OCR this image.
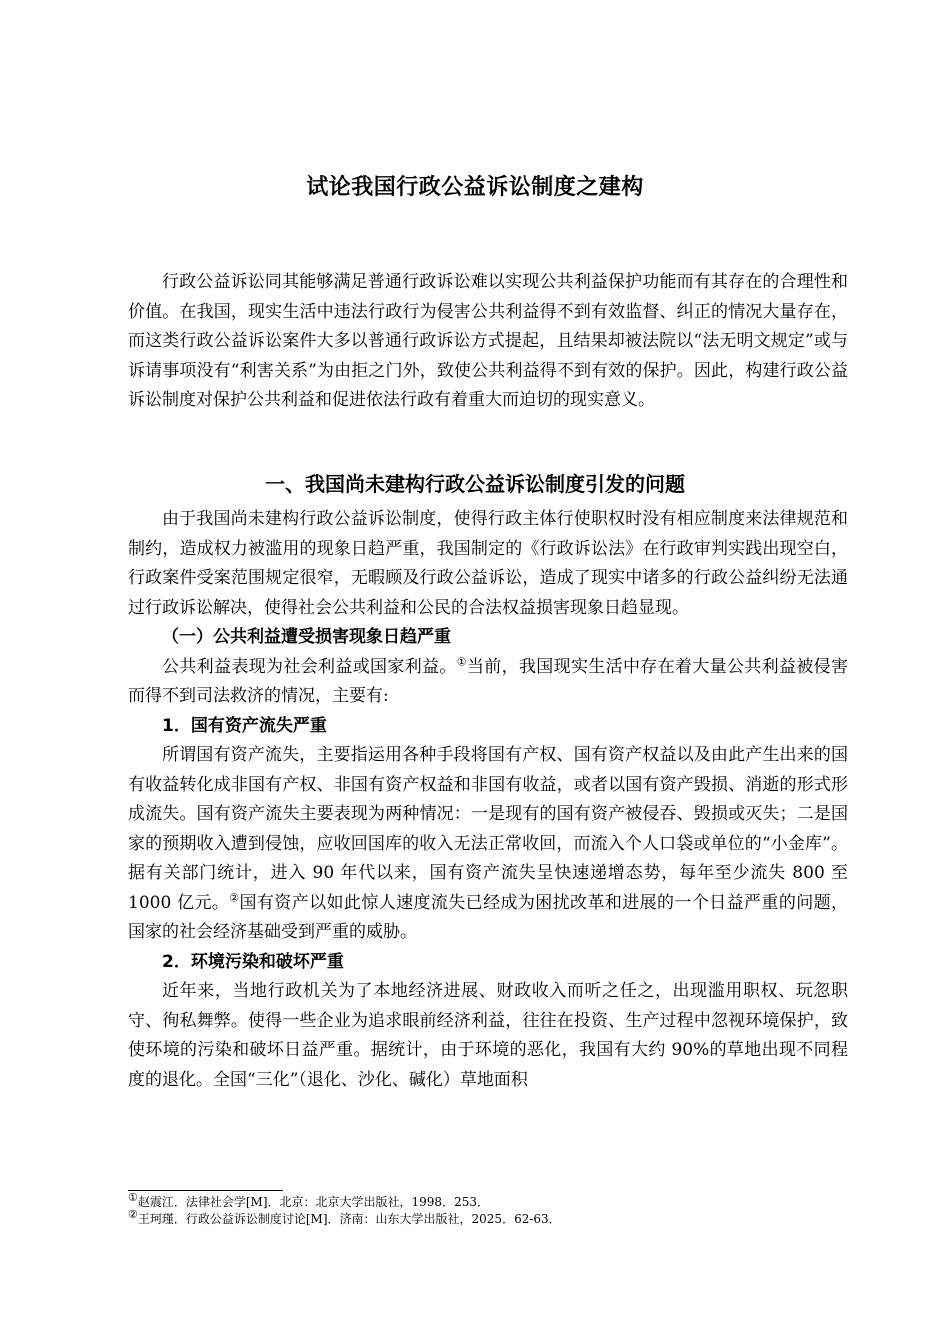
试论我国行政公益诉讼制度之建构

行政公益诉讼同其能够满足普通行政诉讼难以实现公共利益保护功能而有其存在的合理性和价值。在我国，现实生活中违法行政行为侵害公共利益得不到有效监督、纠正的情况大量存在，而这类行政公益诉讼案件大多以普通行政诉讼方式提起，且结果却被法院以“法无明文规定”或与诉请事项没有“利害关系”为由拒之门外，致使公共利益得不到有效的保护。因此，构建行政公益诉讼制度对保护公共利益和促进依法行政有着重大而迫切的现实意义。

一、我国尚未建构行政公益诉讼制度引发的问题

由于我国尚未建构行政公益诉讼制度，使得行政主体行使职权时没有相应制度来法律规范和制约，造成权力被滥用的现象日趋严重，我国制定的《行政诉讼法》在行政审判实践出现空白，行政案件受案范围规定很窄，无暇顾及行政公益诉讼，造成了现实中诸多的行政公益纠纷无法通过行政诉讼解决，使得社会公共利益和公民的合法权益损害现象日趋显现。

（一）公共利益遭受损害现象日趋严重

公共利益表现为社会利益或国家利益。①当前，我国现实生活中存在着大量公共利益被侵害而得不到司法救济的情况，主要有:

1．国有资产流失严重

所谓国有资产流失，主要指运用各种手段将国有产权、国有资产权益以及由此产生出来的国有收益转化成非国有产权、非国有资产权益和非国有收益，或者以国有资产毁损、消逝的形式形成流失。国有资产流失主要表现为两种情况：一是现有的国有资产被侵吞、毁损或灭失；二是国家的预期收入遭到侵蚀，应收回国库的收入无法正常收回，而流入个人口袋或单位的“小金库”。据有关部门统计，进入 90 年代以来，国有资产流失呈快速递增态势，每年至少流失 800 至 1000 亿元。②国有资产以如此惊人速度流失已经成为困扰改革和进展的一个日益严重的问题，国家的社会经济基础受到严重的威胁。

2．环境污染和破坏严重

近年来，当地行政机关为了本地经济进展、财政收入而听之任之，出现滥用职权、玩忽职守、徇私舞弊。使得一些企业为追求眼前经济利益，往往在投资、生产过程中忽视环境保护，致使环境的污染和破坏日益严重。据统计，由于环境的恶化，我国有大约 90%的草地出现不同程度的退化。全国“三化”（退化、沙化、碱化）草地面积

①赵震江．法律社会学[M]．北京：北京大学出版社，1998．253．
②王珂瑾．行政公益诉讼制度讨论[M]．济南：山东大学出版社，2025．62-63．
